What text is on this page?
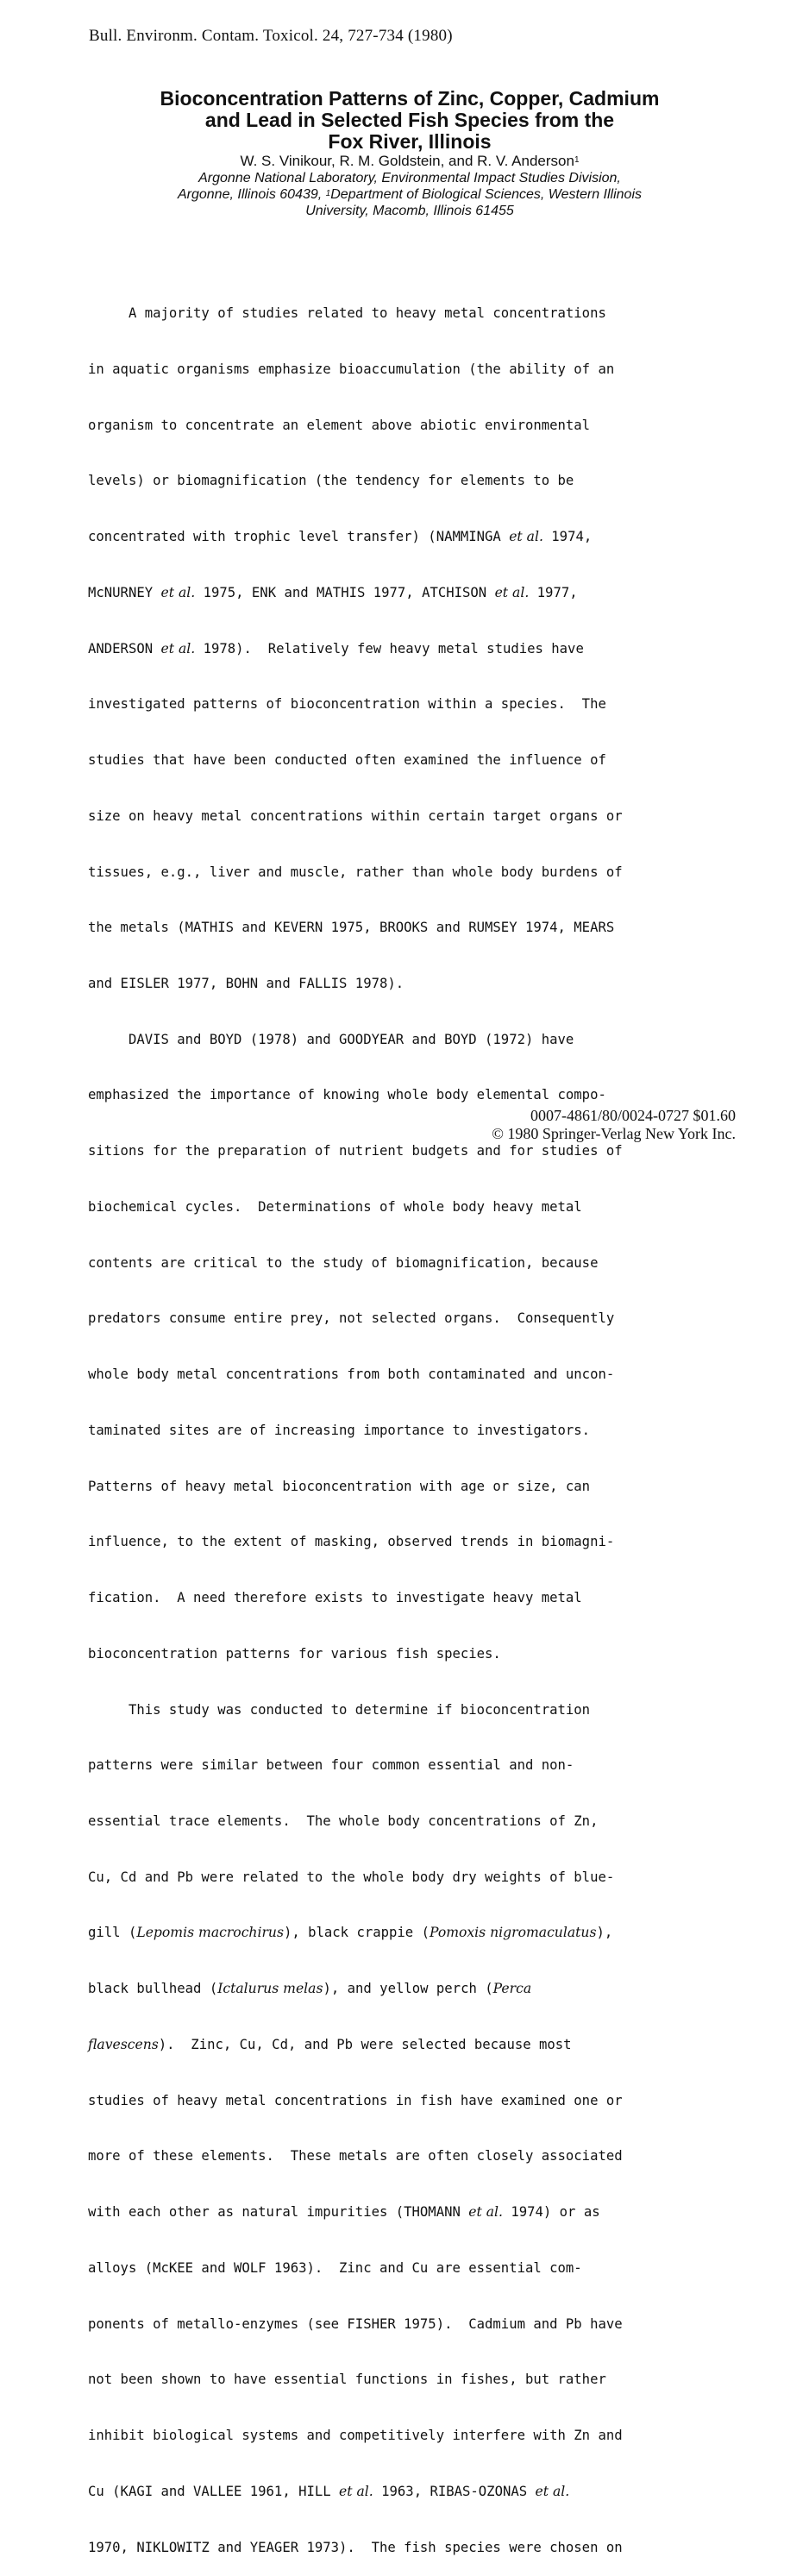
Bull. Environm. Contam. Toxicol. 24, 727-734 (1980)
Bioconcentration Patterns of Zinc, Copper, Cadmium
and Lead in Selected Fish Species from the
Fox River, Illinois
W. S. Vinikour, R. M. Goldstein, and R. V. Anderson$^1$
Argonne National Laboratory, Environmental Impact Studies Division,
Argonne, Illinois 60439, $^1$Department of Biological Sciences, Western Illinois
University, Macomb, Illinois 61455

A majority of studies related to heavy metal concentrations

in aquatic organisms emphasize bioaccumulation (the ability of an

organism to concentrate an element above abiotic environmental

levels) or biomagnification (the tendency for elements to be

concentrated with trophic level transfer) (NAMMINGA et al. 1974,

McNURNEY et al. 1975, ENK and MATHIS 1977, ATCHISON et al. 1977,

ANDERSON et al. 1978).  Relatively few heavy metal studies have

investigated patterns of bioconcentration within a species.  The

studies that have been conducted often examined the influence of

size on heavy metal concentrations within certain target organs or

tissues, e.g., liver and muscle, rather than whole body burdens of

the metals (MATHIS and KEVERN 1975, BROOKS and RUMSEY 1974, MEARS

and EISLER 1977, BOHN and FALLIS 1978).

DAVIS and BOYD (1978) and GOODYEAR and BOYD (1972) have

emphasized the importance of knowing whole body elemental compo-

sitions for the preparation of nutrient budgets and for studies of

biochemical cycles.  Determinations of whole body heavy metal

contents are critical to the study of biomagnification, because

predators consume entire prey, not selected organs.  Consequently

whole body metal concentrations from both contaminated and uncon-

taminated sites are of increasing importance to investigators.

Patterns of heavy metal bioconcentration with age or size, can

influence, to the extent of masking, observed trends in biomagni-

fication.  A need therefore exists to investigate heavy metal

bioconcentration patterns for various fish species.

This study was conducted to determine if bioconcentration

patterns were similar between four common essential and non-

essential trace elements.  The whole body concentrations of Zn,

Cu, Cd and Pb were related to the whole body dry weights of blue-

gill (Lepomis macrochirus), black crappie (Pomoxis nigromaculatus),

black bullhead (Ictalurus melas), and yellow perch (Perca

flavescens).  Zinc, Cu, Cd, and Pb were selected because most

studies of heavy metal concentrations in fish have examined one or

more of these elements.  These metals are often closely associated

with each other as natural impurities (THOMANN et al. 1974) or as

alloys (McKEE and WOLF 1963).  Zinc and Cu are essential com-

ponents of metallo-enzymes (see FISHER 1975).  Cadmium and Pb have

not been shown to have essential functions in fishes, but rather

inhibit biological systems and competitively interfere with Zn and

Cu (KAGI and VALLEE 1961, HILL et al. 1963, RIBAS-OZONAS et al.

1970, NIKLOWITZ and YEAGER 1973).  The fish species were chosen on

0007-4861/80/0024-0727 $01.60
© 1980 Springer-Verlag New York Inc.
